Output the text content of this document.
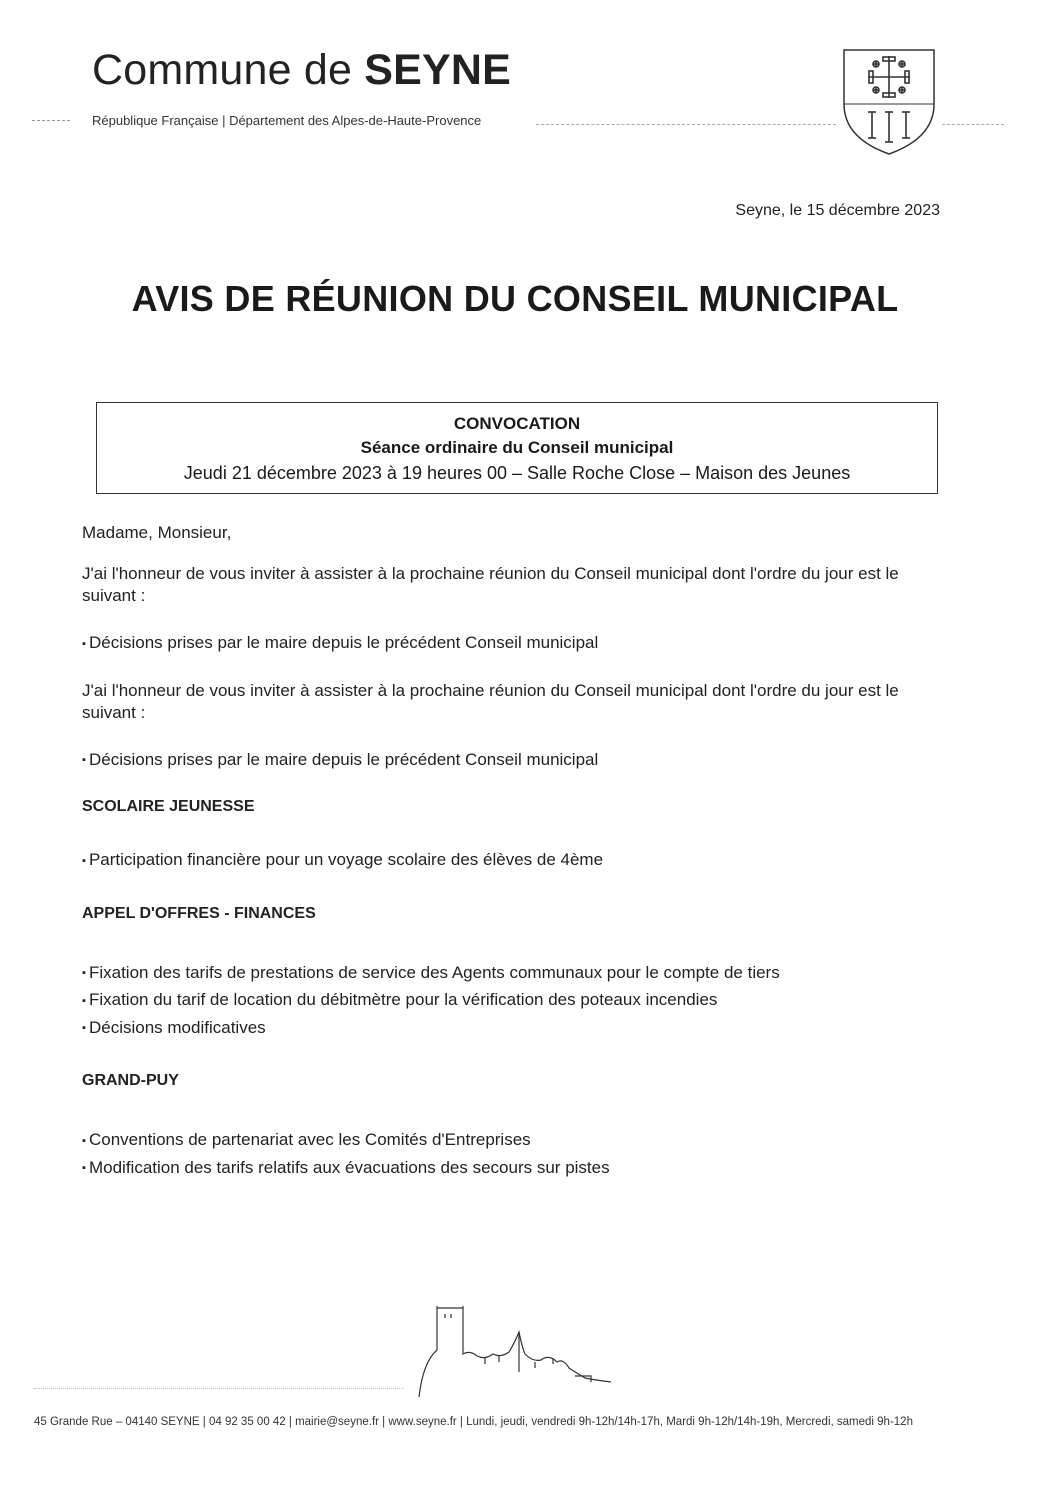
Commune de SEYNE
République Française | Département des Alpes-de-Haute-Provence
Seyne, le 15 décembre 2023
AVIS DE RÉUNION DU CONSEIL MUNICIPAL
CONVOCATION
Séance ordinaire du Conseil municipal
Jeudi 21 décembre 2023 à 19 heures 00 – Salle Roche Close – Maison des Jeunes

Madame, Monsieur,

J'ai l'honneur de vous inviter à assister à la prochaine réunion du Conseil municipal dont l'ordre du jour est le suivant :

▪ Décisions prises par le maire depuis le précédent Conseil municipal

J'ai l'honneur de vous inviter à assister à la prochaine réunion du Conseil municipal dont l'ordre du jour est le suivant :

▪ Décisions prises par le maire depuis le précédent Conseil municipal

SCOLAIRE JEUNESSE

▪ Participation financière pour un voyage scolaire des élèves de 4ème

APPEL D'OFFRES - FINANCES

▪ Fixation des tarifs de prestations de service des Agents communaux pour le compte de tiers

▪ Fixation du tarif de location du débitmètre pour la vérification des poteaux incendies

▪ Décisions modificatives

GRAND-PUY

▪ Conventions de partenariat avec les Comités d'Entreprises

▪ Modification des tarifs relatifs aux évacuations des secours sur pistes

45 Grande Rue – 04140 SEYNE | 04 92 35 00 42 | mairie@seyne.fr | www.seyne.fr | Lundi, jeudi, vendredi 9h-12h/14h-17h, Mardi 9h-12h/14h-19h, Mercredi, samedi 9h-12h
